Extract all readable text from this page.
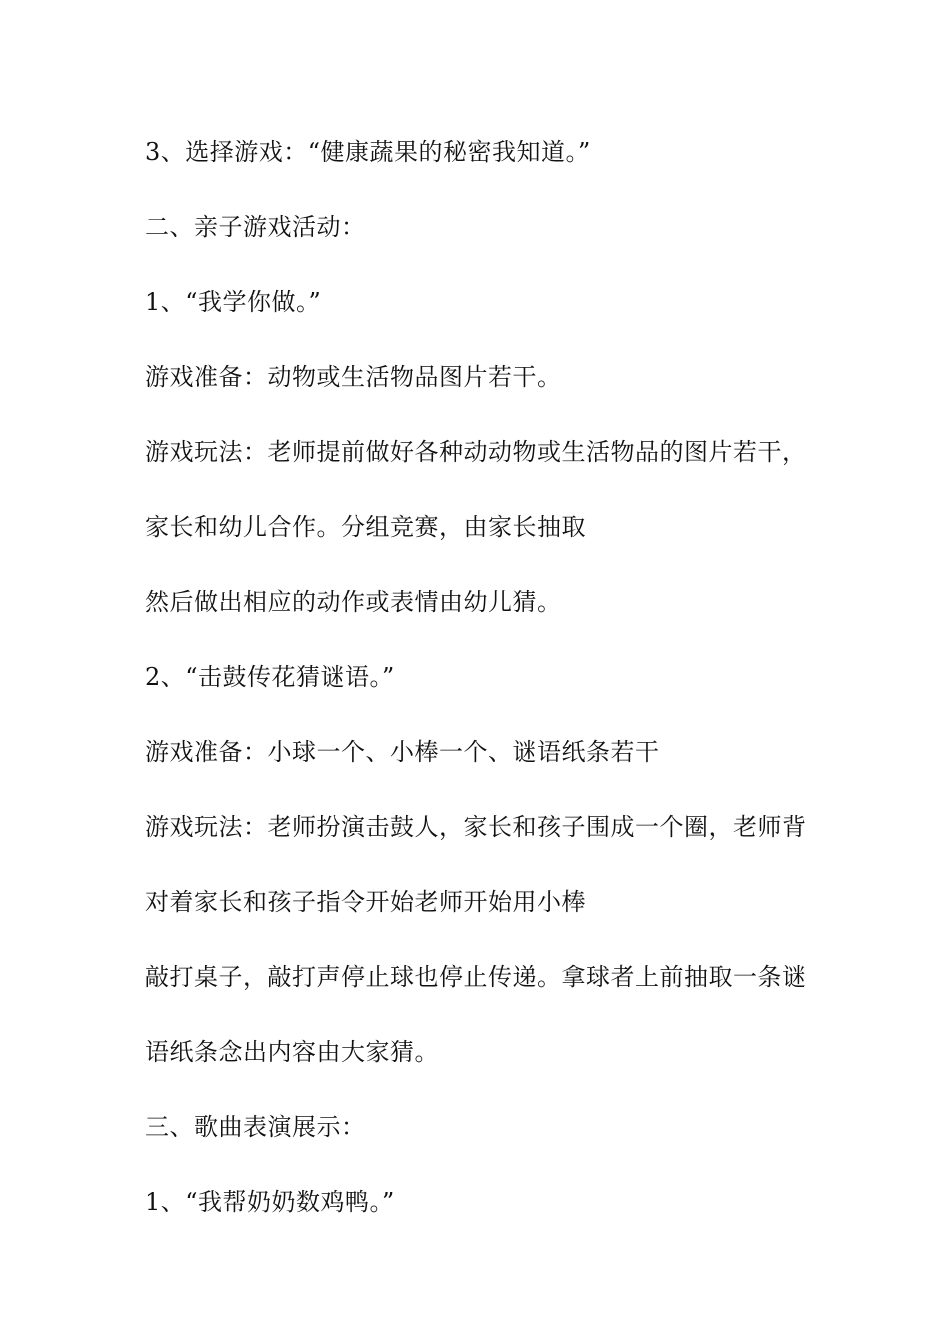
3、选择游戏：“健康蔬果的秘密我知道。”

二、亲子游戏活动：

1、“我学你做。”

游戏准备：动物或生活物品图片若干。

游戏玩法：老师提前做好各种动动物或生活物品的图片若干，

家长和幼儿合作。分组竞赛，由家长抽取

然后做出相应的动作或表情由幼儿猜。

2、“击鼓传花猜谜语。”

游戏准备：小球一个、小棒一个、谜语纸条若干

游戏玩法：老师扮演击鼓人，家长和孩子围成一个圈，老师背

对着家长和孩子指令开始老师开始用小棒

敲打桌子，敲打声停止球也停止传递。拿球者上前抽取一条谜

语纸条念出内容由大家猜。

三、歌曲表演展示：

1、“我帮奶奶数鸡鸭。”
